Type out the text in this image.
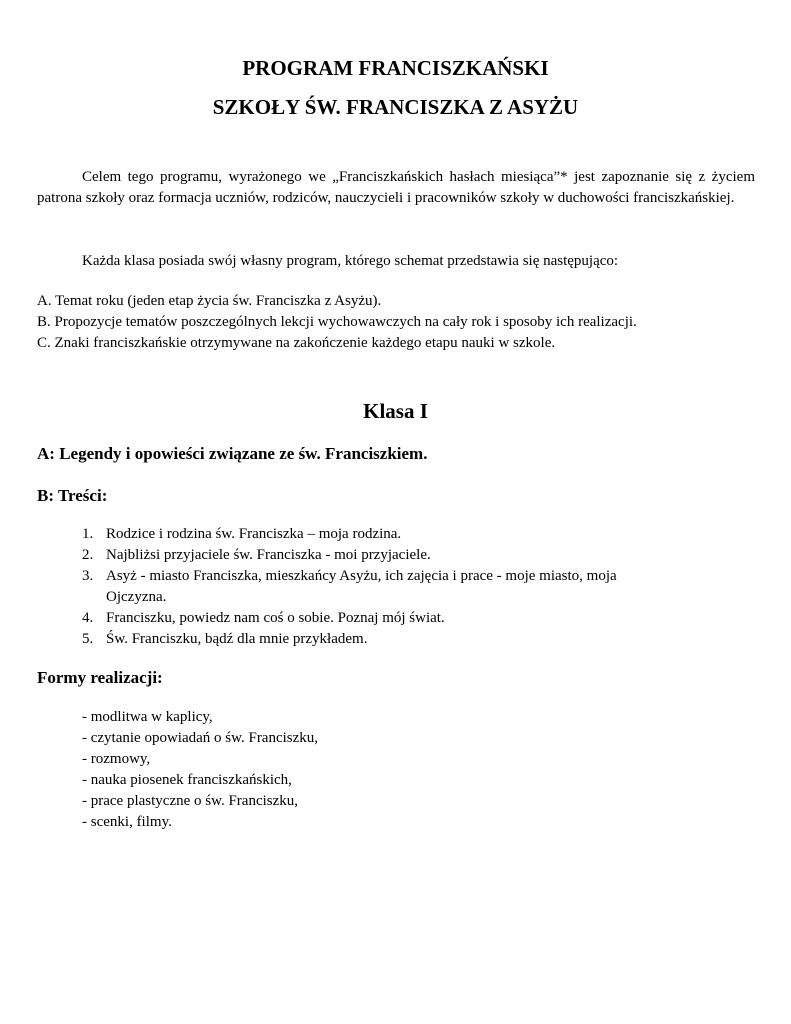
PROGRAM FRANCISZKAŃSKI
SZKOŁY ŚW. FRANCISZKA Z ASYŻU

Celem tego programu, wyrażonego we „Franciszkańskich hasłach miesiąca”* jest zapoznanie się z życiem patrona szkoły oraz formacja uczniów, rodziców, nauczycieli i pracowników szkoły w duchowości franciszkańskiej.

Każda klasa posiada swój własny program, którego schemat przedstawia się następująco:

A. Temat roku (jeden etap życia św. Franciszka z Asyżu).
B. Propozycje tematów poszczególnych lekcji wychowawczych na cały rok i sposoby ich realizacji.
C. Znaki franciszkańskie otrzymywane na zakończenie każdego etapu nauki w szkole.
Klasa I
A: Legendy i opowieści związane ze św. Franciszkiem.
B: Treści:
1. Rodzice i rodzina św. Franciszka – moja rodzina.
2. Najbliżsi przyjaciele św. Franciszka - moi przyjaciele.
3. Asyż - miasto Franciszka, mieszkańcy Asyżu, ich zajęcia i prace - moje miasto, moja Ojczyzna.
4. Franciszku, powiedz nam coś o sobie. Poznaj mój świat.
5. Św. Franciszku, bądź dla mnie przykładem.
Formy realizacji:
- modlitwa w kaplicy,
- czytanie opowiadań o św. Franciszku,
- rozmowy,
- nauka piosenek franciszkańskich,
- prace plastyczne o św. Franciszku,
- scenki, filmy.
